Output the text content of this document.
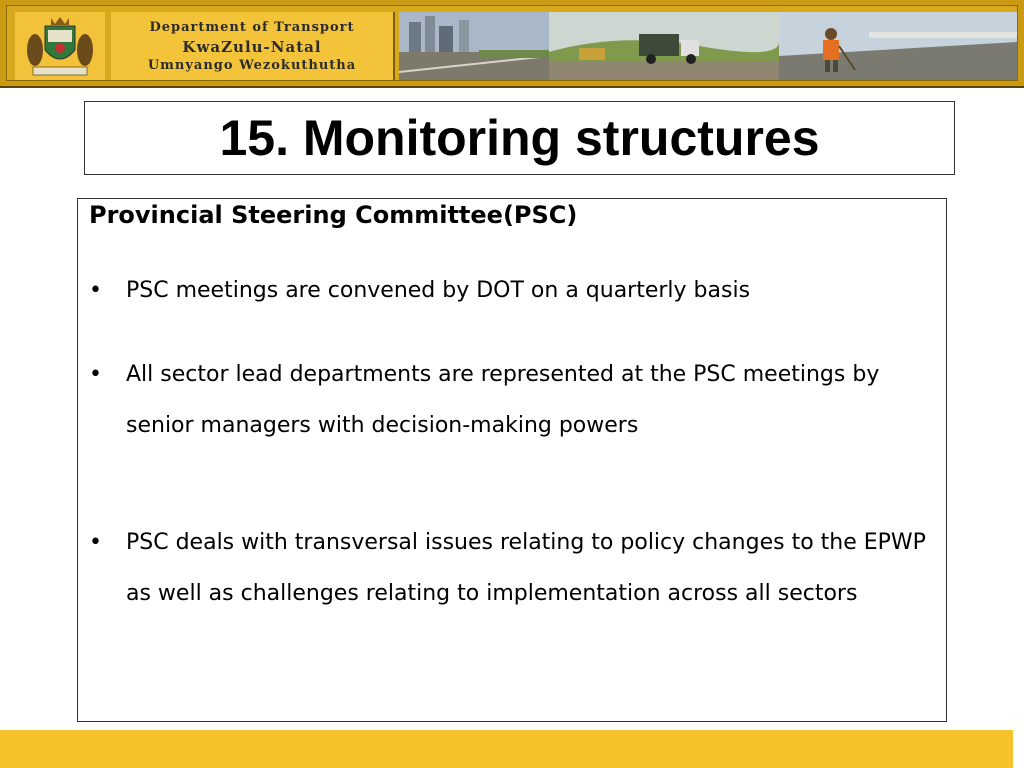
Department of Transport
KwaZulu-Natal
Umnyango Wezokuthutha
15. Monitoring structures
Provincial Steering Committee(PSC)
• PSC meetings are convened by DOT on a quarterly basis
• All sector lead departments are represented at the PSC meetings by senior managers with decision-making powers
• PSC deals with transversal issues relating to policy changes to the EPWP as well as challenges relating to implementation across all sectors
